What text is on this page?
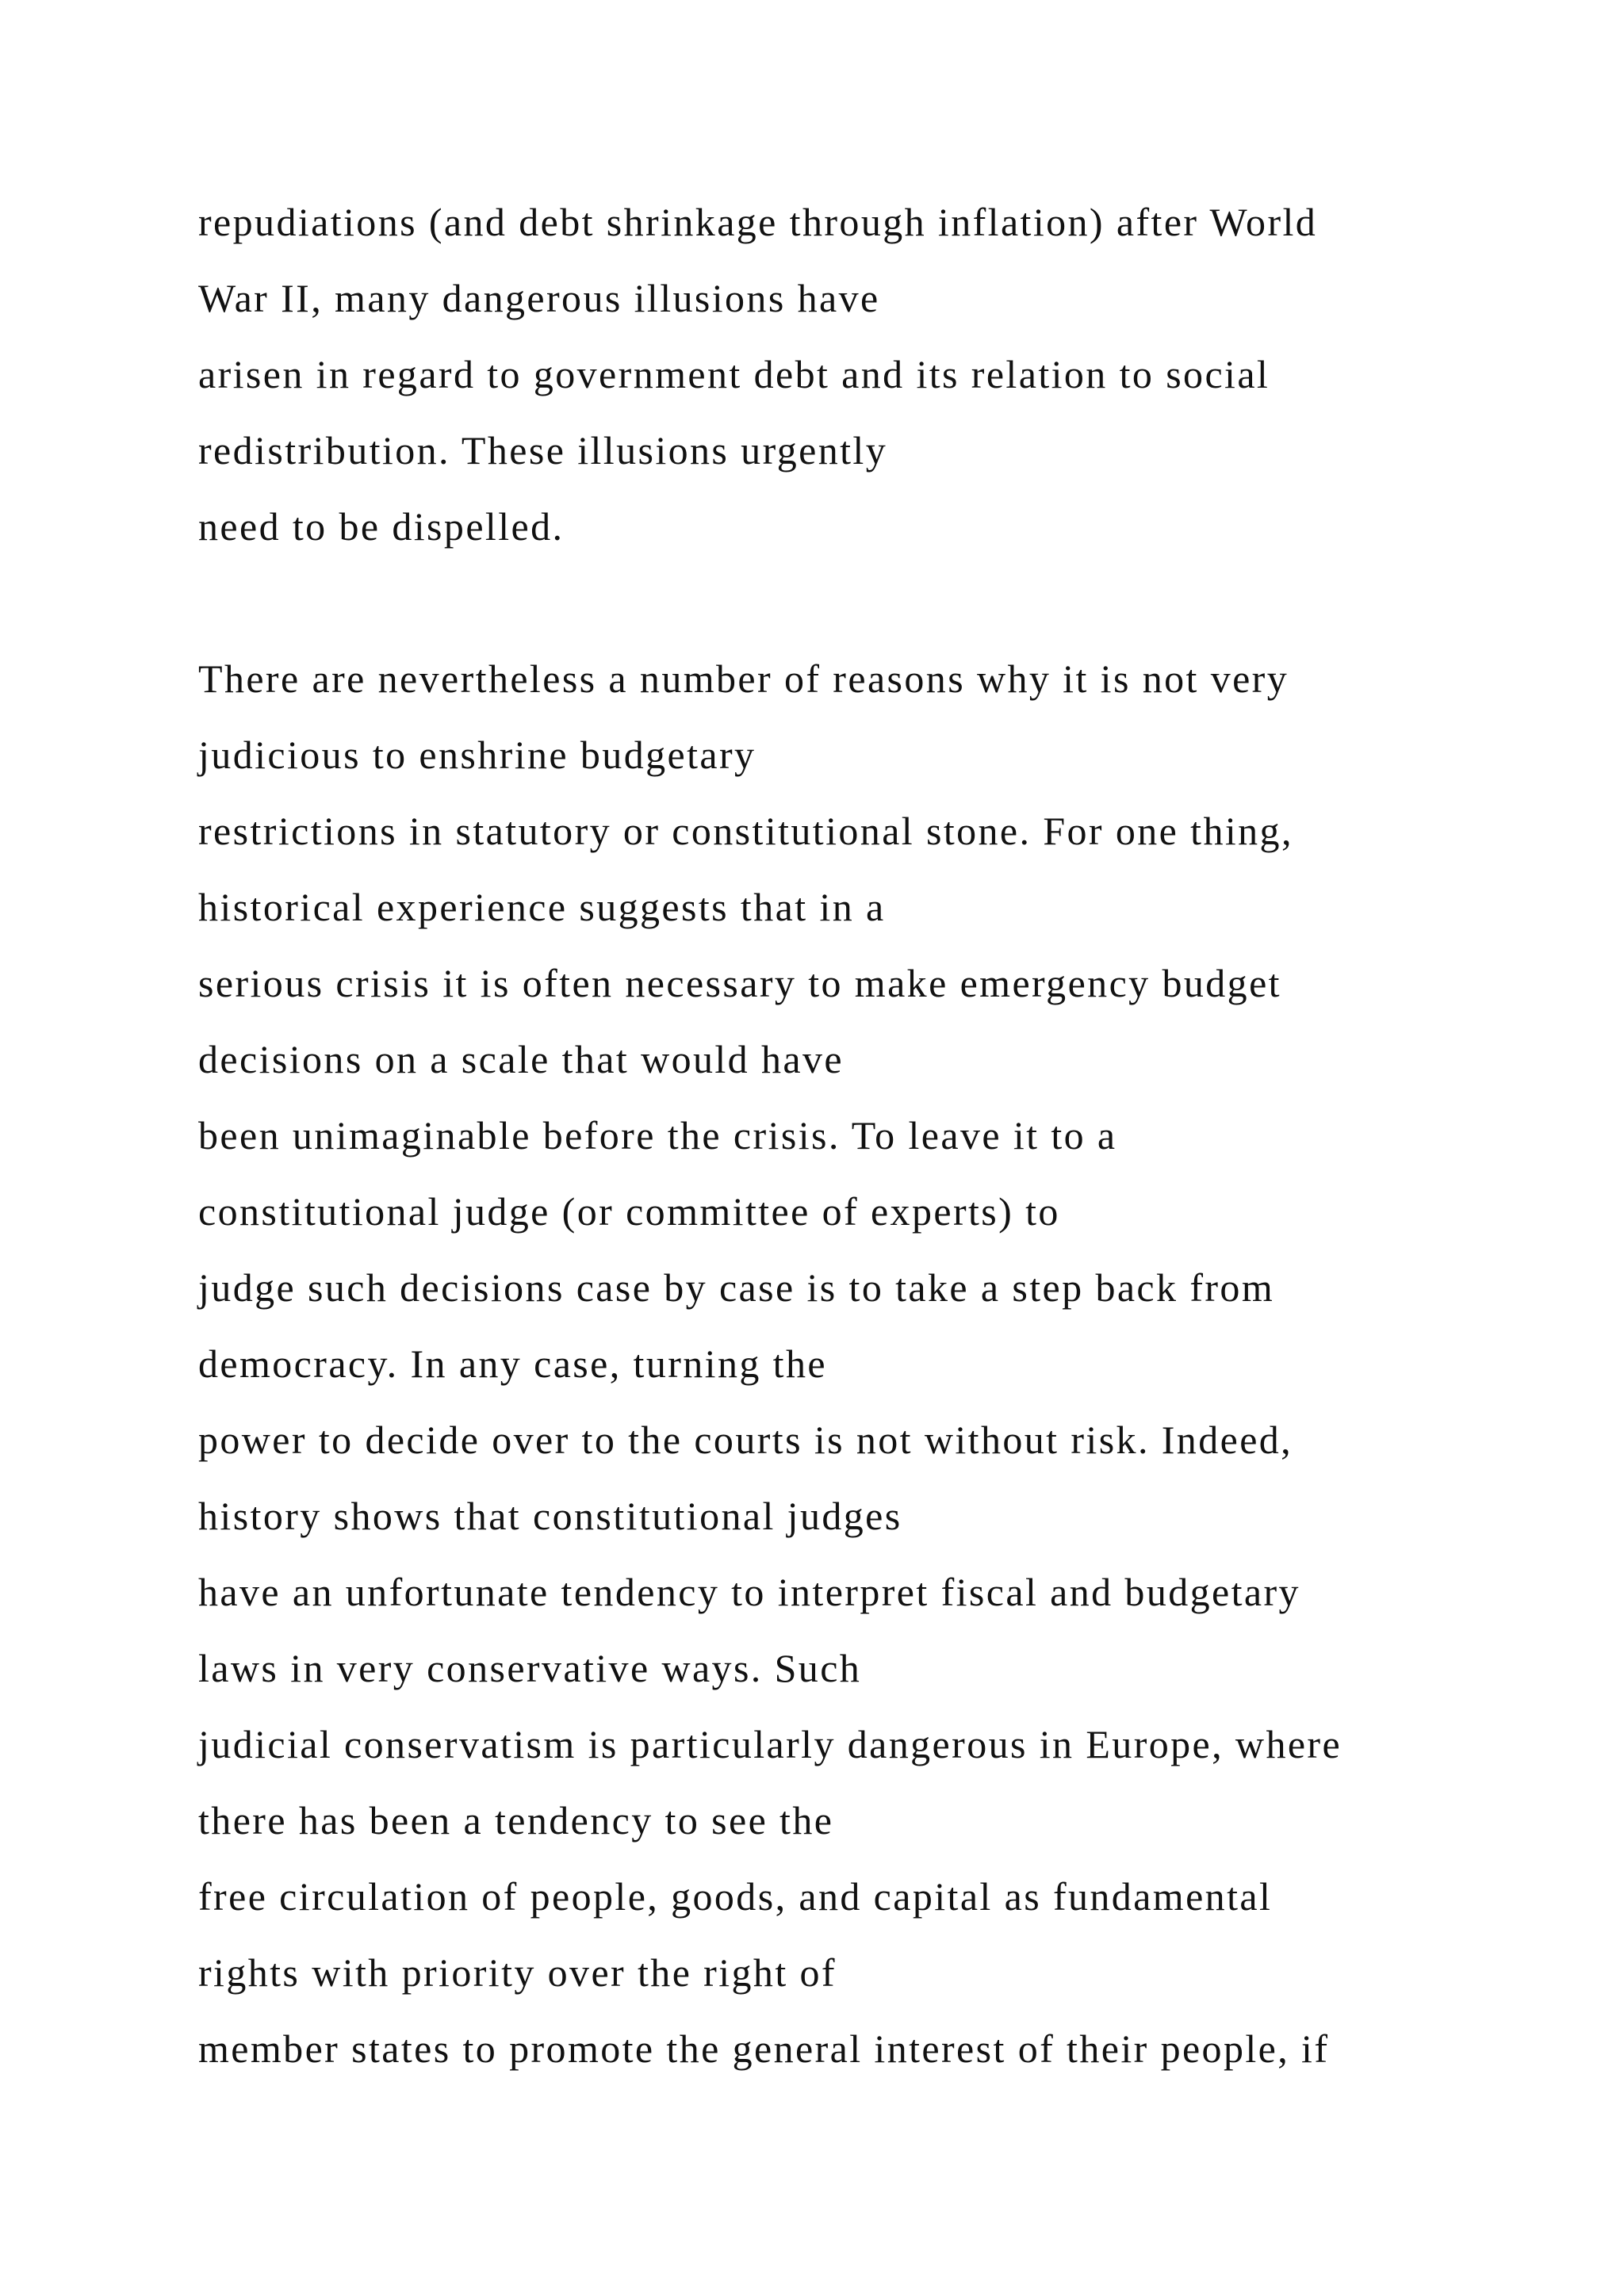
repudiations (and debt shrinkage through inflation) after World
War II, many dangerous illusions have
arisen in regard to government debt and its relation to social
redistribution. These illusions urgently
need to be dispelled.
There are nevertheless a number of reasons why it is not very
judicious to enshrine budgetary
restrictions in statutory or constitutional stone. For one thing,
historical experience suggests that in a
serious crisis it is often necessary to make emergency budget
decisions on a scale that would have
been unimaginable before the crisis. To leave it to a
constitutional judge (or committee of experts) to
judge such decisions case by case is to take a step back from
democracy. In any case, turning the
power to decide over to the courts is not without risk. Indeed,
history shows that constitutional judges
have an unfortunate tendency to interpret fiscal and budgetary
laws in very conservative ways. Such
judicial conservatism is particularly dangerous in Europe, where
there has been a tendency to see the
free circulation of people, goods, and capital as fundamental
rights with priority over the right of
member states to promote the general interest of their people, if
